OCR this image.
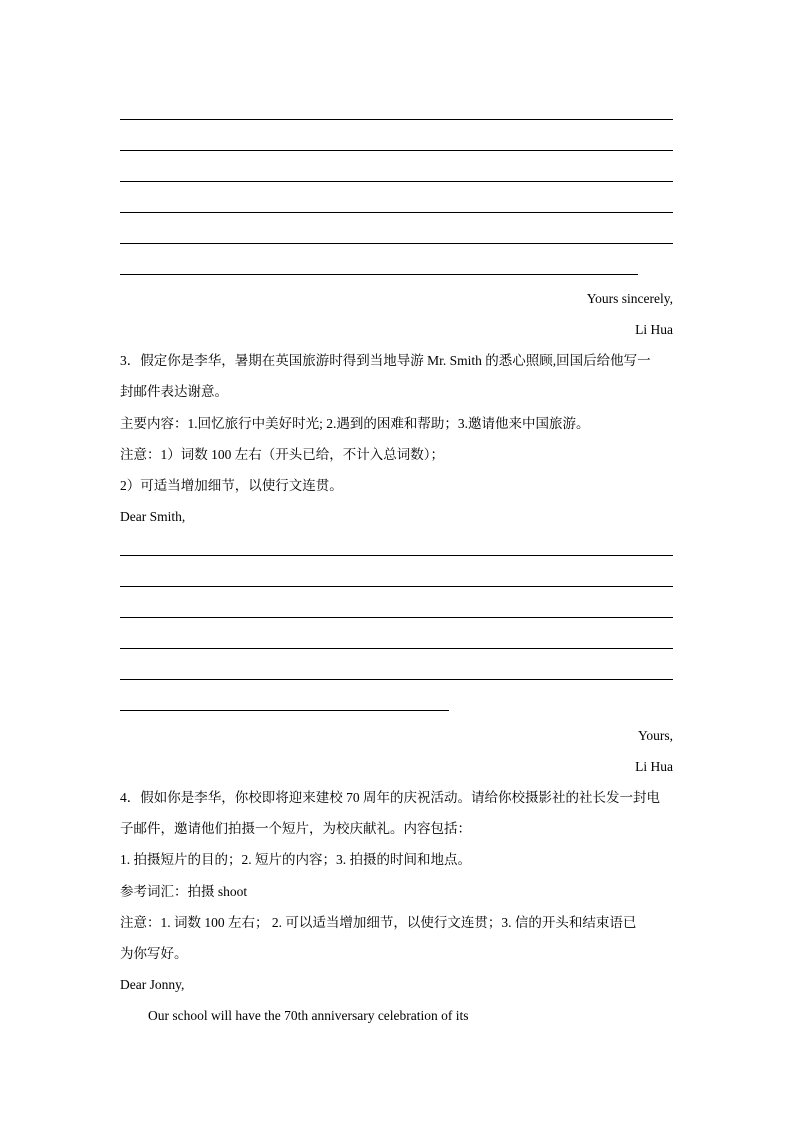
Yours sincerely,
Li Hua
3．假定你是李华，暑期在英国旅游时得到当地导游 Mr. Smith 的悉心照顾,回国后给他写一
封邮件表达谢意。
主要内容：1.回忆旅行中美好时光; 2.遇到的困难和帮助；3.邀请他来中国旅游。
注意：1）词数 100 左右（开头已给，不计入总词数）；
2）可适当增加细节，以使行文连贯。
Dear Smith,
Yours,
Li Hua
4．假如你是李华，你校即将迎来建校 70 周年的庆祝活动。请给你校摄影社的社长发一封电
子邮件，邀请他们拍摄一个短片，为校庆献礼。内容包括：
1. 拍摄短片的目的；2. 短片的内容；3. 拍摄的时间和地点。
参考词汇：拍摄 shoot
注意：1. 词数 100 左右； 2. 可以适当增加细节，以使行文连贯；3. 信的开头和结束语已
为你写好。
Dear Jonny,
Our school will have the 70th anniversary celebration of its
